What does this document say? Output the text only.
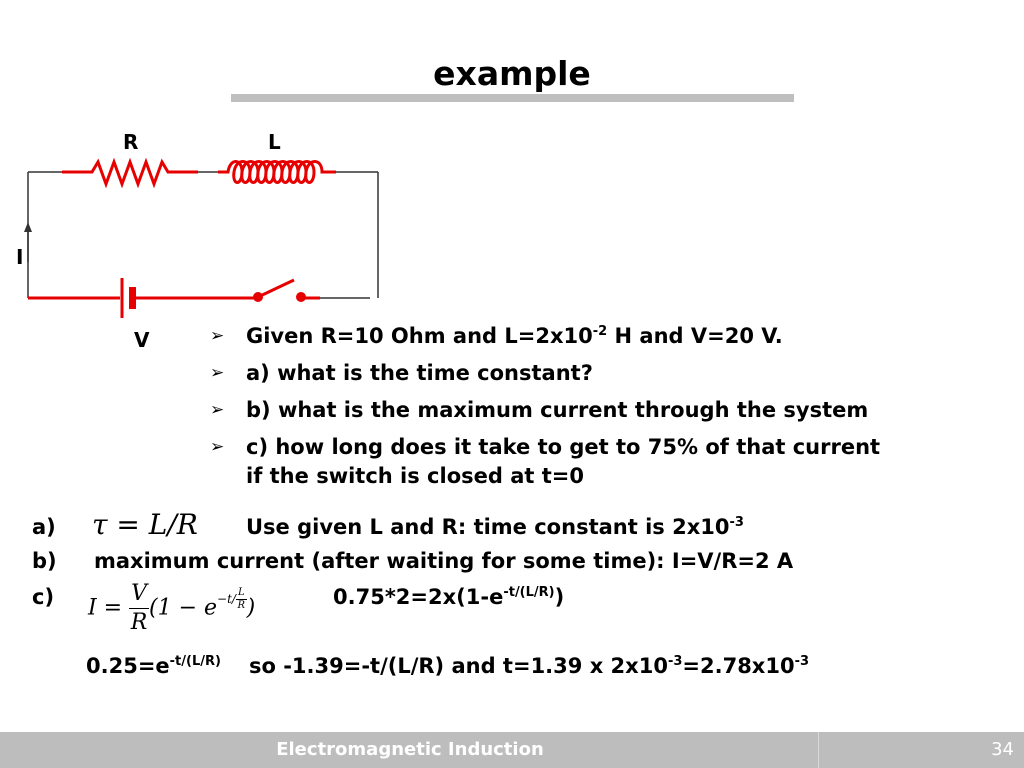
example
R	L
I
V	➢ Given R=10 Ohm and $L=2x10^{-2}$ H and V=20 V.
➢ a) what is the time constant?
➢ b) what is the maximum current through the system
➢ c) how long does it take to get to 75% of that current if the switch is closed at t=0
a) τ = L/R Use given L and R: time constant is $2x10^{-3}$
b) maximum current (after waiting for some time): I=V/R=2 A
c) $I = \frac{V}{R} (1 - e^{-t/ \frac{L}{R}}$ )	$0.75*2=2x(1-e^{-t/(L/R)})$
$0.25=e^{-t/(L/R)}$ so -1.39=-t/(L/R) and t=1.39 x $2x10^{-3}=2.78x10^{-3}$
Electromagnetic Induction	34
